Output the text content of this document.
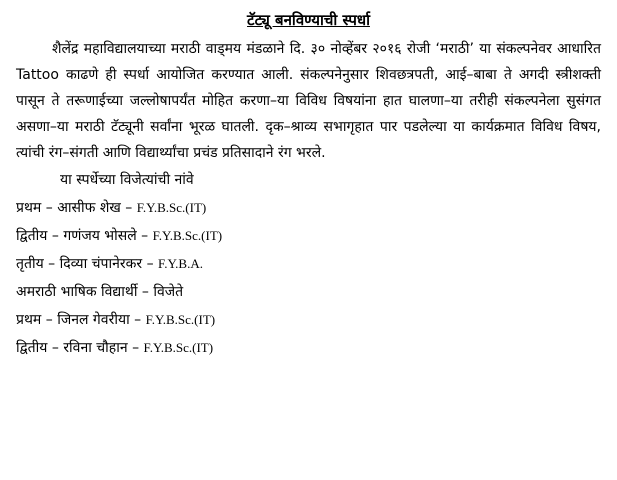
टॅट्यू बनविण्याची स्पर्धा

शैलेंद्र महाविद्यालयाच्या मराठी वाड्मय मंडळाने दि. ३० नोव्हेंबर २०१६ रोजी ‘मराठी’ या संकल्पनेवर आधारित Tattoo काढणे ही स्पर्धा आयोजित करण्यात आली. संकल्पनेनुसार शिवछत्रपती, आई–बाबा ते अगदी स्त्रीशक्ती पासून ते तरूणाईच्या जल्लोषापर्यंत मोहित करणा–या विविध विषयांना हात घालणा–या तरीही संकल्पनेला सुसंगत असणा–या मराठी टॅट्यूनी सर्वांना भूरळ घातली. दृक–श्राव्य सभागृहात पार पडलेल्या या कार्यक्रमात विविध विषय, त्यांची रंग–संगती आणि विद्यार्थ्यांचा प्रचंड प्रतिसादाने रंग भरले.

या स्पर्धेच्या विजेत्यांची नांवे

प्रथम – आसीफ शेख – F.Y.B.Sc.(IT)
द्वितीय – गणंजय भोसले – F.Y.B.Sc.(IT)
तृतीय – दिव्या चंपानेरकर – F.Y.B.A.
अमराठी भाषिक विद्यार्थी – विजेते
प्रथम – जिनल गेवरीया – F.Y.B.Sc.(IT)
द्वितीय – रविना चौहान – F.Y.B.Sc.(IT)
